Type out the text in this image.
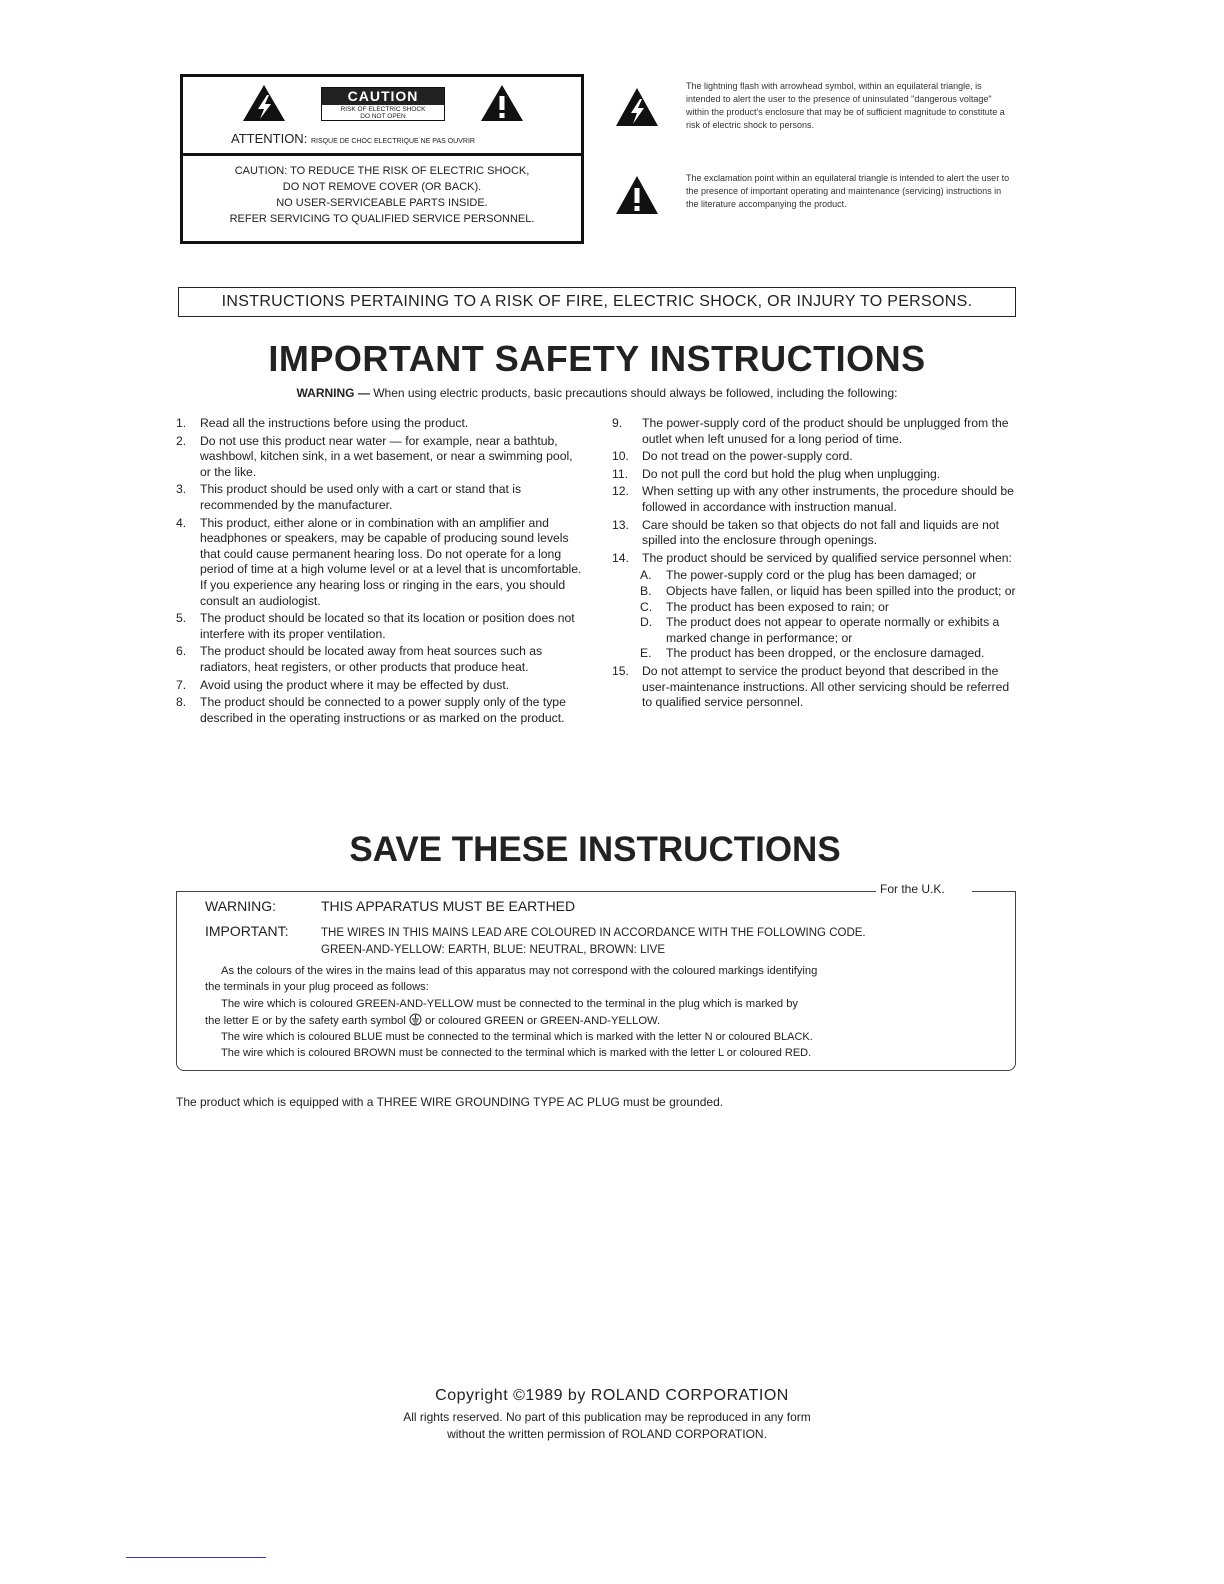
CAUTION
RISK OF ELECTRIC SHOCK
DO NOT OPEN
ATTENTION: RISQUE DE CHOC ELECTRIQUE NE PAS OUVRIR
CAUTION: TO REDUCE THE RISK OF ELECTRIC SHOCK,
DO NOT REMOVE COVER (OR BACK).
NO USER-SERVICEABLE PARTS INSIDE.
REFER SERVICING TO QUALIFIED SERVICE PERSONNEL.
The lightning flash with arrowhead symbol, within an equilateral triangle, is intended to alert the user to the presence of uninsulated "dangerous voltage" within the product's enclosure that may be of sufficient magnitude to constitute a risk of electric shock to persons.
The exclamation point within an equilateral triangle is intended to alert the user to the presence of important operating and maintenance (servicing) instructions in the literature accompanying the product.
INSTRUCTIONS PERTAINING TO A RISK OF FIRE, ELECTRIC SHOCK, OR INJURY TO PERSONS.
IMPORTANT SAFETY INSTRUCTIONS
WARNING — When using electric products, basic precautions should always be followed, including the following:
1.	Read all the instructions before using the product.
2.	Do not use this product near water — for example, near a bathtub, washbowl, kitchen sink, in a wet basement, or near a swimming pool, or the like.
3.	This product should be used only with a cart or stand that is recommended by the manufacturer.
4.	This product, either alone or in combination with an amplifier and headphones or speakers, may be capable of producing sound levels that could cause permanent hearing loss. Do not operate for a long period of time at a high volume level or at a level that is uncomfortable. If you experience any hearing loss or ringing in the ears, you should consult an audiologist.
5.	The product should be located so that its location or position does not interfere with its proper ventilation.
6.	The product should be located away from heat sources such as radiators, heat registers, or other products that produce heat.
7.	Avoid using the product where it may be effected by dust.
8.	The product should be connected to a power supply only of the type described in the operating instructions or as marked on the product.
9.	The power-supply cord of the product should be unplugged from the outlet when left unused for a long period of time.
10.	Do not tread on the power-supply cord.
11.	Do not pull the cord but hold the plug when unplugging.
12.	When setting up with any other instruments, the procedure should be followed in accordance with instruction manual.
13.	Care should be taken so that objects do not fall and liquids are not spilled into the enclosure through openings.
14.	The product should be serviced by qualified service personnel when:
A.	The power-supply cord or the plug has been damaged; or
B.	Objects have fallen, or liquid has been spilled into the product; or
C.	The product has been exposed to rain; or
D.	The product does not appear to operate normally or exhibits a marked change in performance; or
E.	The product has been dropped, or the enclosure damaged.
15.	Do not attempt to service the product beyond that described in the user-maintenance instructions. All other servicing should be referred to qualified service personnel.
SAVE THESE INSTRUCTIONS
WARNING:	THIS APPARATUS MUST BE EARTHED
IMPORTANT:	THE WIRES IN THIS MAINS LEAD ARE COLOURED IN ACCORDANCE WITH THE FOLLOWING CODE.
GREEN-AND-YELLOW: EARTH, BLUE: NEUTRAL, BROWN: LIVE
As the colours of the wires in the mains lead of this apparatus may not correspond with the coloured markings identifying
the terminals in your plug proceed as follows:
The wire which is coloured GREEN-AND-YELLOW must be connected to the terminal in the plug which is marked by
the letter E or by the safety earth symbol or coloured GREEN or GREEN-AND-YELLOW.
The wire which is coloured BLUE must be connected to the terminal which is marked with the letter N or coloured BLACK.
The wire which is coloured BROWN must be connected to the terminal which is marked with the letter L or coloured RED.
For the U.K.
The product which is equipped with a THREE WIRE GROUNDING TYPE AC PLUG must be grounded.
Copyright ©1989 by ROLAND CORPORATION
All rights reserved. No part of this publication may be reproduced in any form
without the written permission of ROLAND CORPORATION.
